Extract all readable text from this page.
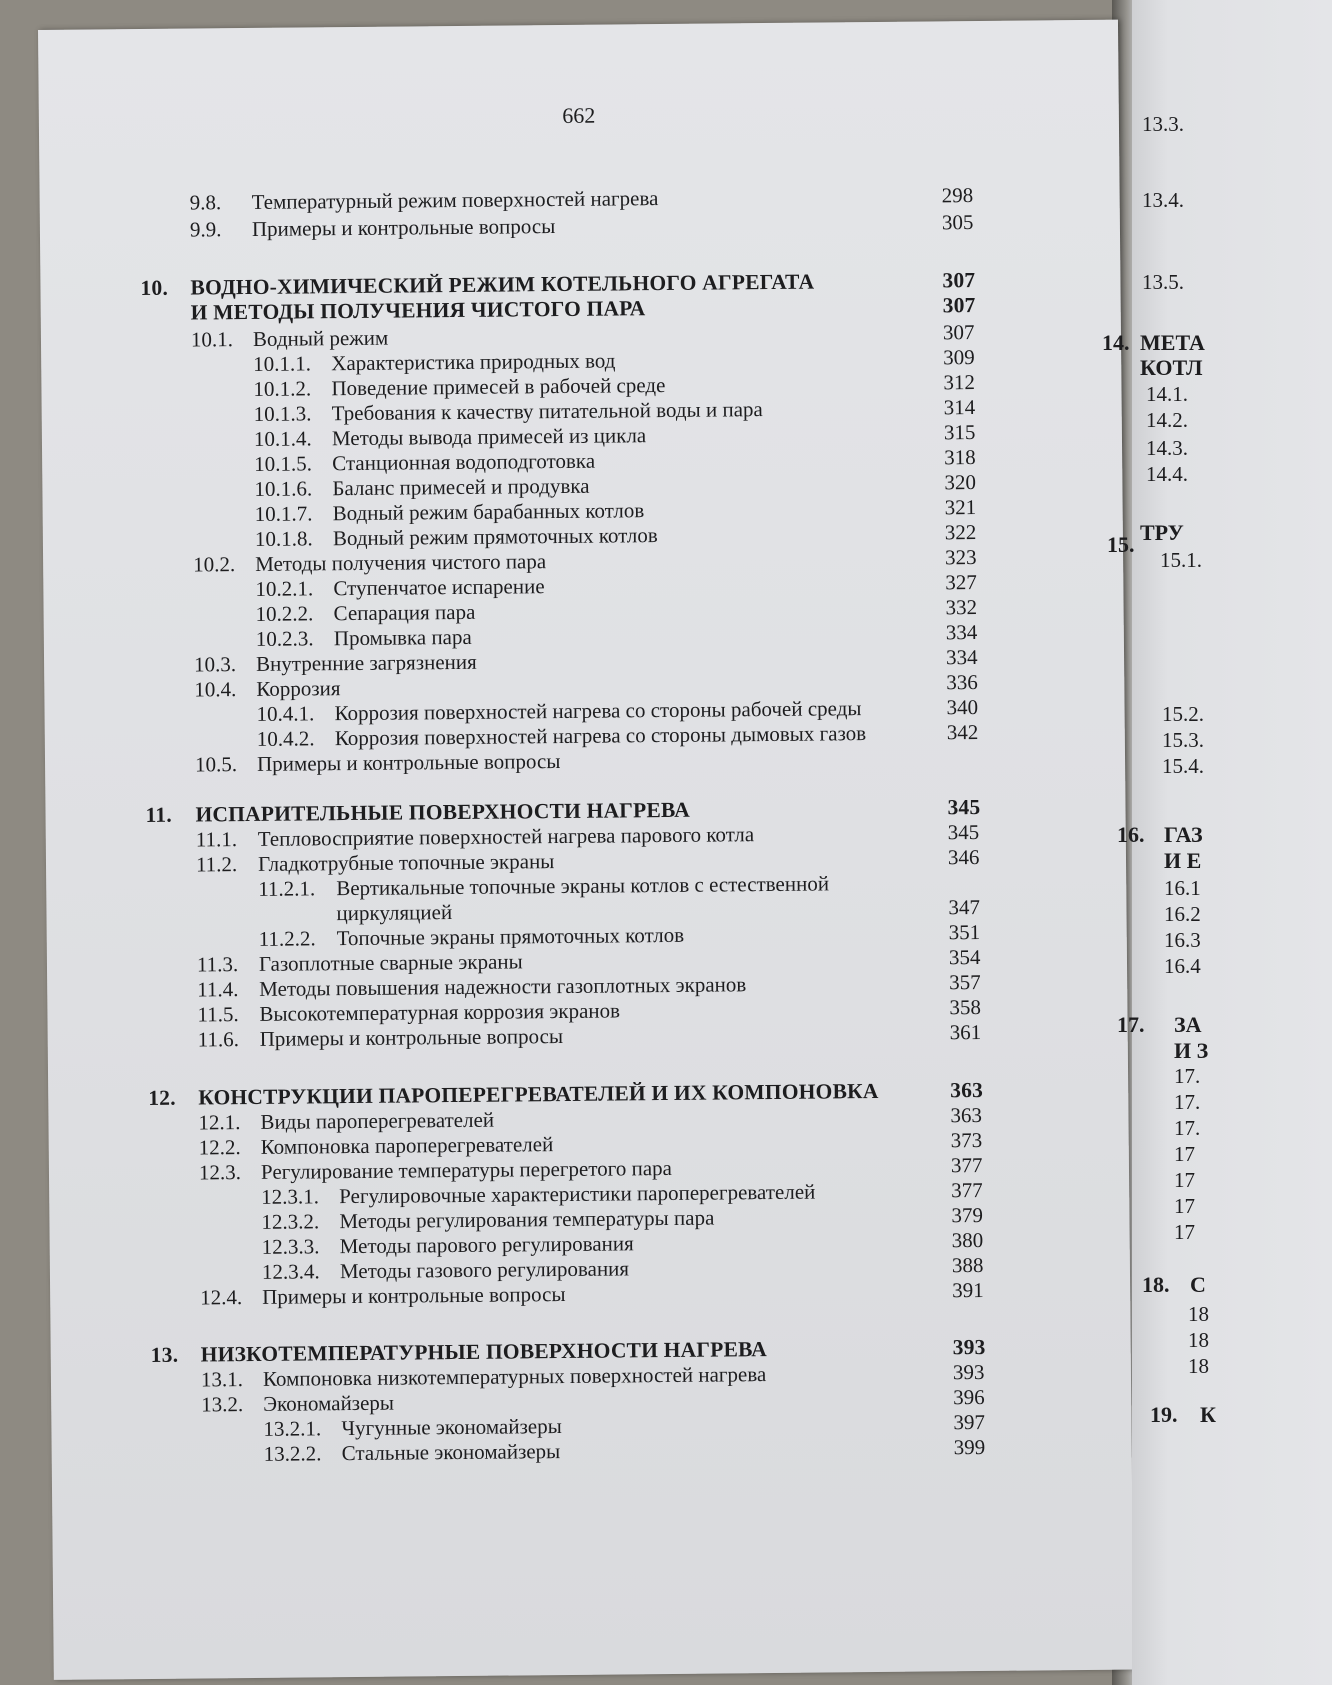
662
9.8. Температурный режим поверхностей нагрева	298
9.9. Примеры и контрольные вопросы	305
10. ВОДНО-ХИМИЧЕСКИЙ РЕЖИМ КОТЕЛЬНОГО АГРЕГАТА	307
И МЕТОДЫ ПОЛУЧЕНИЯ ЧИСТОГО ПАРА	307
10.1. Водный режим	307
10.1.1. Характеристика природных вод	309
10.1.2. Поведение примесей в рабочей среде	312
10.1.3. Требования к качеству питательной воды и пара	314
10.1.4. Методы вывода примесей из цикла	315
10.1.5. Станционная водоподготовка	318
10.1.6. Баланс примесей и продувка	320
10.1.7. Водный режим барабанных котлов	321
10.1.8. Водный режим прямоточных котлов	322
10.2. Методы получения чистого пара	323
10.2.1. Ступенчатое испарение	327
10.2.2. Сепарация пара	332
10.2.3. Промывка пара	334
10.3. Внутренние загрязнения	334
10.4. Коррозия	336
10.4.1. Коррозия поверхностей нагрева со стороны рабочей среды	340
10.4.2. Коррозия поверхностей нагрева со стороны дымовых газов	342
10.5. Примеры и контрольные вопросы
11. ИСПАРИТЕЛЬНЫЕ ПОВЕРХНОСТИ НАГРЕВА	345
11.1. Тепловосприятие поверхностей нагрева парового котла	345
11.2. Гладкотрубные топочные экраны	346
11.2.1. Вертикальные топочные экраны котлов с естественной
циркуляцией	347
11.2.2. Топочные экраны прямоточных котлов	351
11.3. Газоплотные сварные экраны	354
11.4. Методы повышения надежности газоплотных экранов	357
11.5. Высокотемпературная коррозия экранов	358
11.6. Примеры и контрольные вопросы	361
12. КОНСТРУКЦИИ ПАРОПЕРЕГРЕВАТЕЛЕЙ И ИХ КОМПОНОВКА	363
12.1. Виды пароперегревателей	363
12.2. Компоновка пароперегревателей	373
12.3. Регулирование температуры перегретого пара	377
12.3.1. Регулировочные характеристики пароперегревателей	377
12.3.2. Методы регулирования температуры пара	379
12.3.3. Методы парового регулирования	380
12.3.4. Методы газового регулирования	388
12.4. Примеры и контрольные вопросы	391
13. НИЗКОТЕМПЕРАТУРНЫЕ ПОВЕРХНОСТИ НАГРЕВА	393
13.1. Компоновка низкотемпературных поверхностей нагрева	393
13.2. Экономайзеры	396
13.2.1. Чугунные экономайзеры	397
13.2.2. Стальные экономайзеры	399
13.3.
13.4.
13.5.
14. МЕТА
КОТЛ
14.1.
14.2.
14.3.
14.4.
15. ТРУ
15.1.
15.2.
15.3.
15.4.
16. ГАЗ
И Е
16.1
16.2
16.3
16.4
17. ЗА
И З
17.
17.
17.
17
17
17
17
18. С
18
18
18
19. К
